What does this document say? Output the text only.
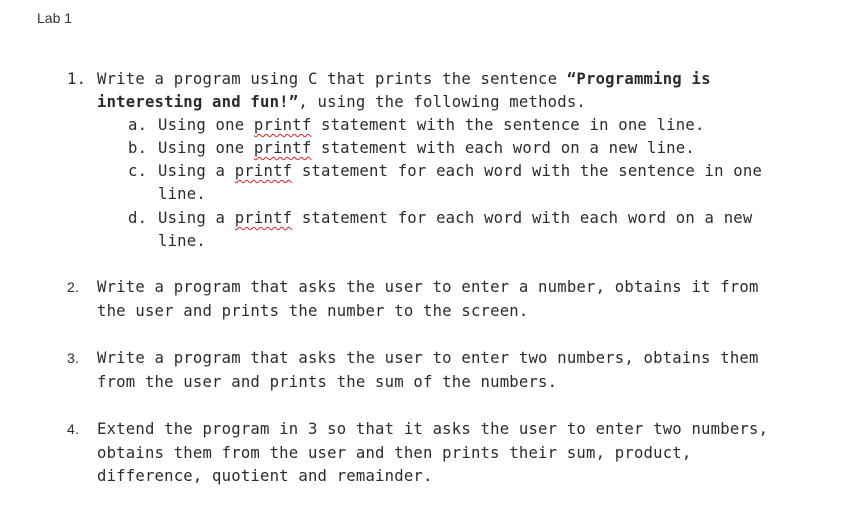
Lab 1
1. Write a program using C that prints the sentence “Programming is
interesting and fun!”, using the following methods.
a. Using one printf statement with the sentence in one line.
b. Using one printf statement with each word on a new line.
c. Using a printf statement for each word with the sentence in one
line.
d. Using a printf statement for each word with each word on a new
line.
2. Write a program that asks the user to enter a number, obtains it from
the user and prints the number to the screen.
3. Write a program that asks the user to enter two numbers, obtains them
from the user and prints the sum of the numbers.
4. Extend the program in 3 so that it asks the user to enter two numbers,
obtains them from the user and then prints their sum, product,
difference, quotient and remainder.
